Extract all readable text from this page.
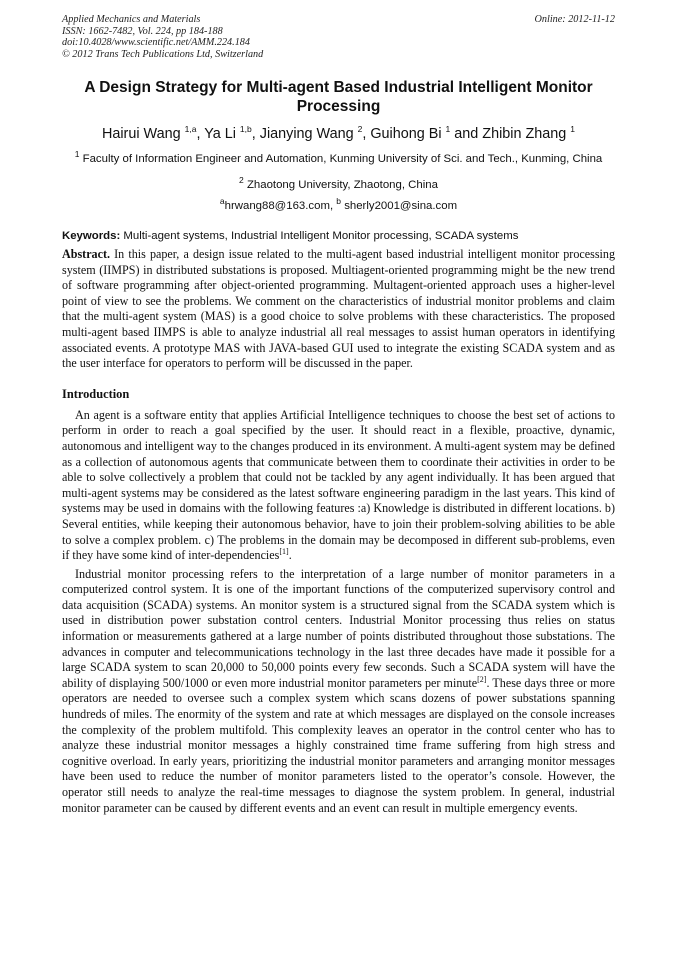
Applied Mechanics and Materials
ISSN: 1662-7482, Vol. 224, pp 184-188
doi:10.4028/www.scientific.net/AMM.224.184
© 2012 Trans Tech Publications Ltd, Switzerland
Online: 2012-11-12
A Design Strategy for Multi-agent Based Industrial Intelligent Monitor Processing
Hairui Wang $^{1,a}$, Ya Li $^{1,b}$, Jianying Wang $^2$, Guihong Bi $^1$ and Zhibin Zhang $^1$
$^1$ Faculty of Information Engineer and Automation, Kunming University of Sci. and Tech., Kunming, China
$^2$ Zhaotong University, Zhaotong, China
$^a$hrwang88@163.com, $^b$ sherly2001@sina.com
Keywords: Multi-agent systems, Industrial Intelligent Monitor processing, SCADA systems

Abstract. In this paper, a design issue related to the multi-agent based industrial intelligent monitor processing system (IIMPS) in distributed substations is proposed. Multiagent-oriented programming might be the new trend of software programming after object-oriented programming. Multagent-oriented approach uses a higher-level point of view to see the problems. We comment on the characteristics of industrial monitor problems and claim that the multi-agent system (MAS) is a good choice to solve problems with these characteristics. The proposed multi-agent based IIMPS is able to analyze industrial all real messages to assist human operators in identifying associated events. A prototype MAS with JAVA-based GUI used to integrate the existing SCADA system and as the user interface for operators to perform will be discussed in the paper.

Introduction

An agent is a software entity that applies Artificial Intelligence techniques to choose the best set of actions to perform in order to reach a goal specified by the user. It should react in a flexible, proactive, dynamic, autonomous and intelligent way to the changes produced in its environment. A multi-agent system may be defined as a collection of autonomous agents that communicate between them to coordinate their activities in order to be able to solve collectively a problem that could not be tackled by any agent individually. It has been argued that multi-agent systems may be considered as the latest software engineering paradigm in the last years. This kind of systems may be used in domains with the following features :a) Knowledge is distributed in different locations. b) Several entities, while keeping their autonomous behavior, have to join their problem-solving abilities to be able to solve a complex problem. c) The problems in the domain may be decomposed in different sub-problems, even if they have some kind of inter-dependencies[1].

Industrial monitor processing refers to the interpretation of a large number of monitor parameters in a computerized control system. It is one of the important functions of the computerized supervisory control and data acquisition (SCADA) systems. An monitor system is a structured signal from the SCADA system which is used in distribution power substation control centers. Industrial Monitor processing thus relies on status information or measurements gathered at a large number of points distributed throughout those substations. The advances in computer and telecommunications technology in the last three decades have made it possible for a large SCADA system to scan 20,000 to 50,000 points every few seconds. Such a SCADA system will have the ability of displaying 500/1000 or even more industrial monitor parameters per minute[2]. These days three or more operators are needed to oversee such a complex system which scans dozens of power substations spanning hundreds of miles. The enormity of the system and rate at which messages are displayed on the console increases the complexity of the problem multifold. This complexity leaves an operator in the control center who has to analyze these industrial monitor messages a highly constrained time frame suffering from high stress and cognitive overload. In early years, prioritizing the industrial monitor parameters and arranging monitor messages have been used to reduce the number of monitor parameters listed to the operator’s console. However, the operator still needs to analyze the real-time messages to diagnose the system problem. In general, industrial monitor parameter can be caused by different events and an event can result in multiple emergency events.
